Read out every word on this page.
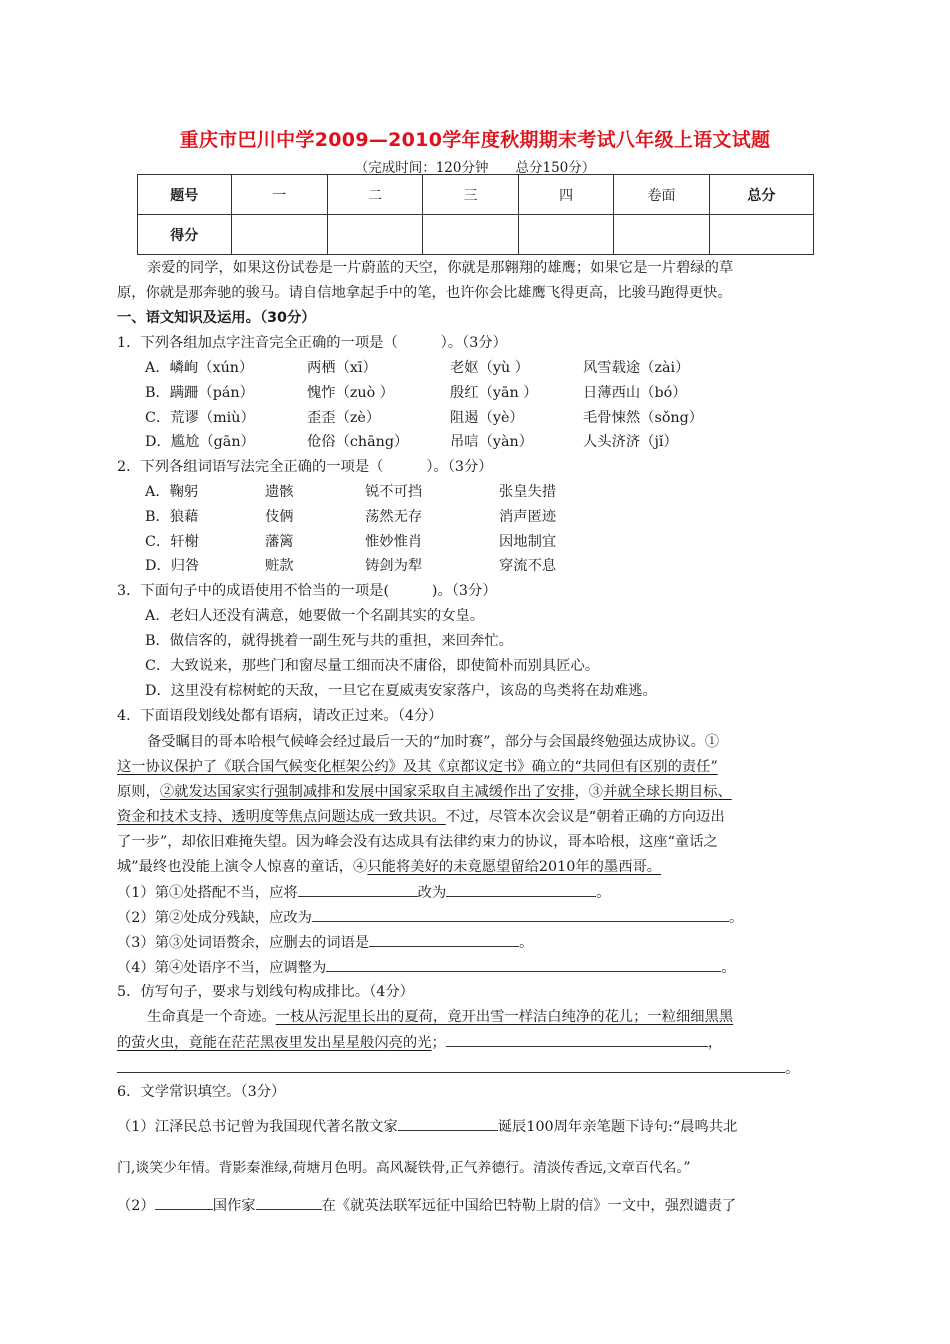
重庆市巴川中学2009—2010学年度秋期期末考试八年级上语文试题
（完成时间：120分钟　　总分150分）
题号	一	二	三	四	卷面	总分
得分						
亲爱的同学，如果这份试卷是一片蔚蓝的天空，你就是那翱翔的雄鹰；如果它是一片碧绿的草
原，你就是那奔驰的骏马。请自信地拿起手中的笔，也许你会比雄鹰飞得更高，比骏马跑得更快。
一、语文知识及运用。（30分）
1．下列各组加点字注音完全正确的一项是（　　　）。（3分）
A．嶙峋（xún）	两栖（xī）	老妪（yù ）	风雪载途（zài）
B．蹒跚（pán）	愧怍（zuò ）	殷红（yān ）	日薄西山（bó）
C．荒谬（miù）	歪歪（zè）	阻遏（yè）	毛骨悚然（sǒng）
D．尴尬（gān）	伧俗（chāng）	吊唁（yàn）	人头济济（jǐ）
2．下列各组词语写法完全正确的一项是（　　　）。（3分）
A．鞠躬	遗骸	锐不可挡	张皇失措
B．狼藉	伎俩	荡然无存	消声匿迹
C．轩榭	藩篱	惟妙惟肖	因地制宜
D．归咎	赃款	铸剑为犁	穿流不息
3．下面句子中的成语使用不恰当的一项是(　　　)。（3分）
A．老妇人还没有满意，她要做一个名副其实的女皇。
B．做信客的，就得挑着一副生死与共的重担，来回奔忙。
C．大致说来，那些门和窗尽量工细而决不庸俗，即使简朴而别具匠心。
D．这里没有棕树蛇的天敌，一旦它在夏威夷安家落户，该岛的鸟类将在劫难逃。
4．下面语段划线处都有语病，请改正过来。（4分）
备受瞩目的哥本哈根气候峰会经过最后一天的“加时赛”，部分与会国最终勉强达成协议。①
这一协议保护了《联合国气候变化框架公约》及其《京都议定书》确立的“共同但有区别的责任”
原则，②就发达国家实行强制减排和发展中国家采取自主减缓作出了安排，③并就全球长期目标、
资金和技术支持、透明度等焦点问题达成一致共识。不过，尽管本次会议是“朝着正确的方向迈出
了一步”，却依旧难掩失望。因为峰会没有达成具有法律约束力的协议，哥本哈根，这座“童话之
城”最终也没能上演令人惊喜的童话，④只能将美好的未竟愿望留给2010年的墨西哥。
（1）第①处搭配不当，应将	改为	。
（2）第②处成分残缺，应改为	。
（3）第③处词语赘余，应删去的词语是	。
（4）第④处语序不当，应调整为	。
5．仿写句子，要求与划线句构成排比。（4分）
生命真是一个奇迹。一枝从污泥里长出的夏荷，竟开出雪一样洁白纯净的花儿；一粒细细黑黑
的萤火虫，竟能在茫茫黑夜里发出星星般闪亮的光；	，
。
6．文学常识填空。（3分）
（1）江泽民总书记曾为我国现代著名散文家	诞辰100周年亲笔题下诗句:“晨鸣共北
门,谈笑少年情。背影秦淮绿,荷塘月色明。高风凝铁骨,正气养德行。清淡传香远,文章百代名。”
（2）	国作家	在《就英法联军远征中国给巴特勒上尉的信》一文中，强烈谴责了
